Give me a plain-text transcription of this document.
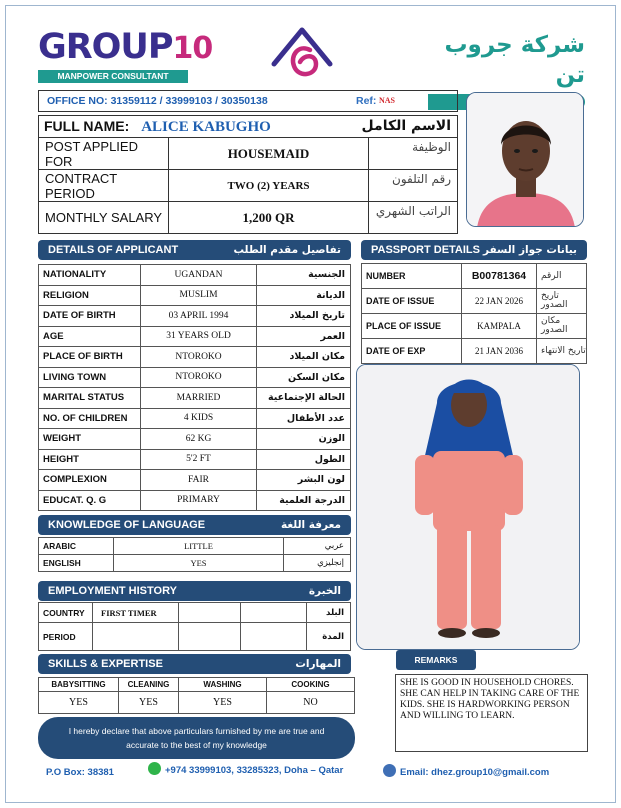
GROUP10
MANPOWER CONSULTANT
شركة جروب تن
OFFICE NO: 31359112 / 33999103 / 30350138	Ref: NAS
FULL NAME: ALICE KABUGHO الاسم الكامل		

POST APPLIED FOR	HOUSEMAID	الوظيفة
CONTRACT PERIOD	TWO (2) YEARS	رقم التلفون
MONTHLY SALARY	1,200 QR	الراتب الشهري
DETAILS OF APPLICANT	تفاصيل مقدم الطلب
NATIONALITY	UGANDAN	الجنسية
RELIGION	MUSLIM	الديانة
DATE OF BIRTH	03 APRIL 1994	تاريخ الميلاد
AGE	31 YEARS OLD	العمر
PLACE OF BIRTH	NTOROKO	مكان الميلاد
LIVING TOWN	NTOROKO	مكان السكن
MARITAL STATUS	MARRIED	الحالة الإجتماعية
NO. OF CHILDREN	4 KIDS	عدد الأطفال
WEIGHT	62 KG	الوزن
HEIGHT	5'2 FT	الطول
COMPLEXION	FAIR	لون البشر
EDUCAT. Q. G	PRIMARY	الدرجة العلمية
PASSPORT DETAILS بيانات جواز السفر
NUMBER	B00781364	الرقم
DATE OF ISSUE	22 JAN 2026	تاريخ الصدور
PLACE OF ISSUE	KAMPALA	مكان الصدور
DATE OF EXP	21 JAN 2036	تاريخ الانتهاء
KNOWLEDGE OF LANGUAGE	معرفة اللغة
ARABIC	LITTLE	عربي
ENGLISH	YES	إنجليزي
EMPLOYMENT HISTORY	الخبرة
COUNTRY	FIRST TIMER			البلد
PERIOD				المدة
SKILLS & EXPERTISE	المهارات
BABYSITTING	CLEANING	WASHING	COOKING
YES	YES	YES	NO
I hereby declare that above particulars furnished by me are true and
accurate to the best of my knowledge
REMARKS
SHE IS GOOD IN HOUSEHOLD CHORES. SHE CAN HELP IN TAKING CARE OF THE KIDS. SHE IS HARDWORKING PERSON AND WILLING TO LEARN.
P.O Box: 38381	+974 33999103, 33285323, Doha – Qatar	Email: dhez.group10@gmail.com
